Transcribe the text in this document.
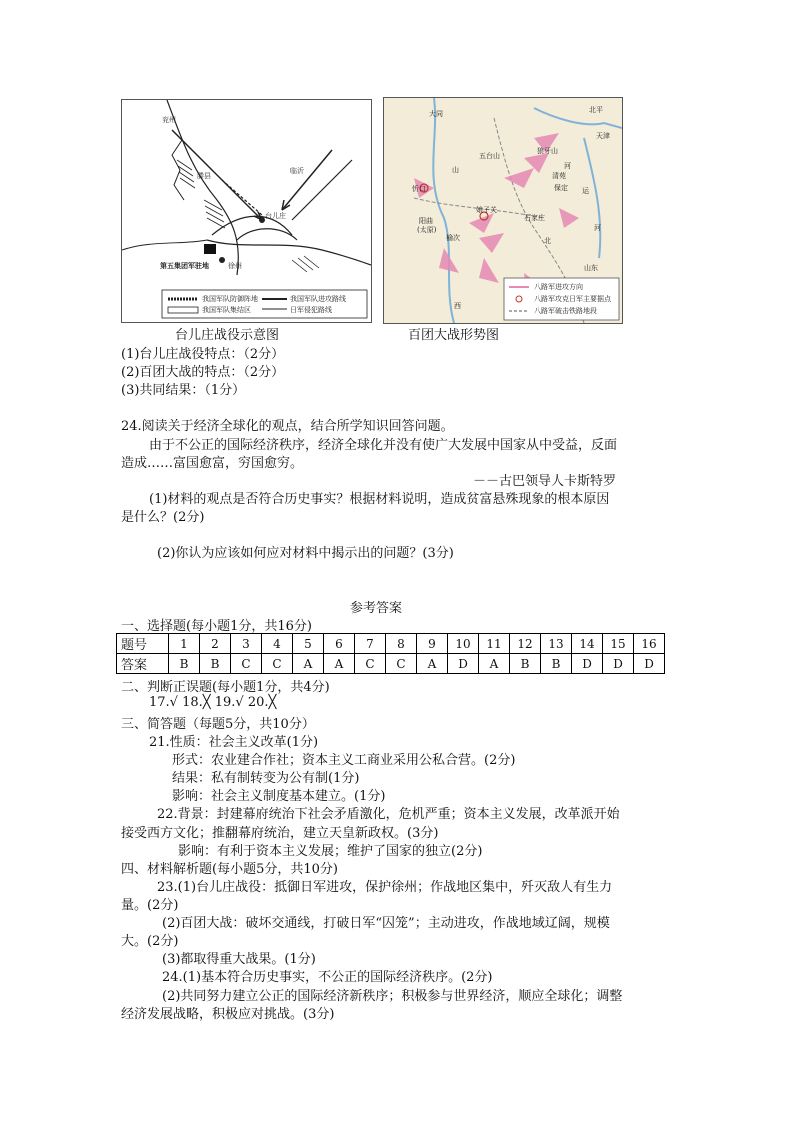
兖州
滕县
临沂
台儿庄
第五集团军驻地	徐州
我国军队防御阵地
我国军队集结区
我国军队进攻路线
日军侵犯路线
大同	北平
天津
五台山
狼牙山
保定
清苑
忻口
山	河
娘子关
阳曲
(太原)
石家庄
榆次	北
山东
西
运
河
八路军进攻方向
八路军攻克日军主要据点
八路军破击铁路地段
台儿庄战役示意图	百团大战形势图
(1)台儿庄战役特点：（2分）
(2)百团大战的特点：（2分）
(3)共同结果：（1分）
24.阅读关于经济全球化的观点，结合所学知识回答问题。
由于不公正的国际经济秩序，经济全球化并没有使广大发展中国家从中受益，反面
造成……富国愈富，穷国愈穷。
－－古巴领导人卡斯特罗
(1)材料的观点是否符合历史事实？根据材料说明，造成贫富悬殊现象的根本原因
是什么？(2分)
(2)你认为应该如何应对材料中揭示出的问题？(3分)
参考答案
一、选择题(每小题1分，共16分)
题号	1	2	3	4	5	6	7	8	9	10	11	12	13	14	15	16
答案	B	B	C	C	A	A	C	C	A	D	A	B	B	D	D	D
二、判断正误题(每小题1分，共4分)
17.√ 18.╳ 19.√ 20.╳
三、简答题（每题5分，共10分）
21.性质：社会主义改革(1分)
形式：农业建合作社；资本主义工商业采用公私合营。(2分)
结果：私有制转变为公有制(1分)
影响：社会主义制度基本建立。(1分)
22.背景：封建幕府统治下社会矛盾激化，危机严重；资本主义发展，改革派开始
接受西方文化；推翻幕府统治，建立天皇新政权。(3分)
影响：有利于资本主义发展；维护了国家的独立(2分)
四、材料解析题(每小题5分，共10分)
23.(1)台儿庄战役：抵御日军进攻，保护徐州；作战地区集中，歼灭敌人有生力
量。(2分)
(2)百团大战：破坏交通线，打破日军“囚笼”；主动进攻，作战地域辽阔，规模
大。(2分)
(3)都取得重大战果。(1分)
24.(1)基本符合历史事实，不公正的国际经济秩序。(2分)
(2)共同努力建立公正的国际经济新秩序；积极参与世界经济，顺应全球化；调整
经济发展战略，积极应对挑战。(3分)
